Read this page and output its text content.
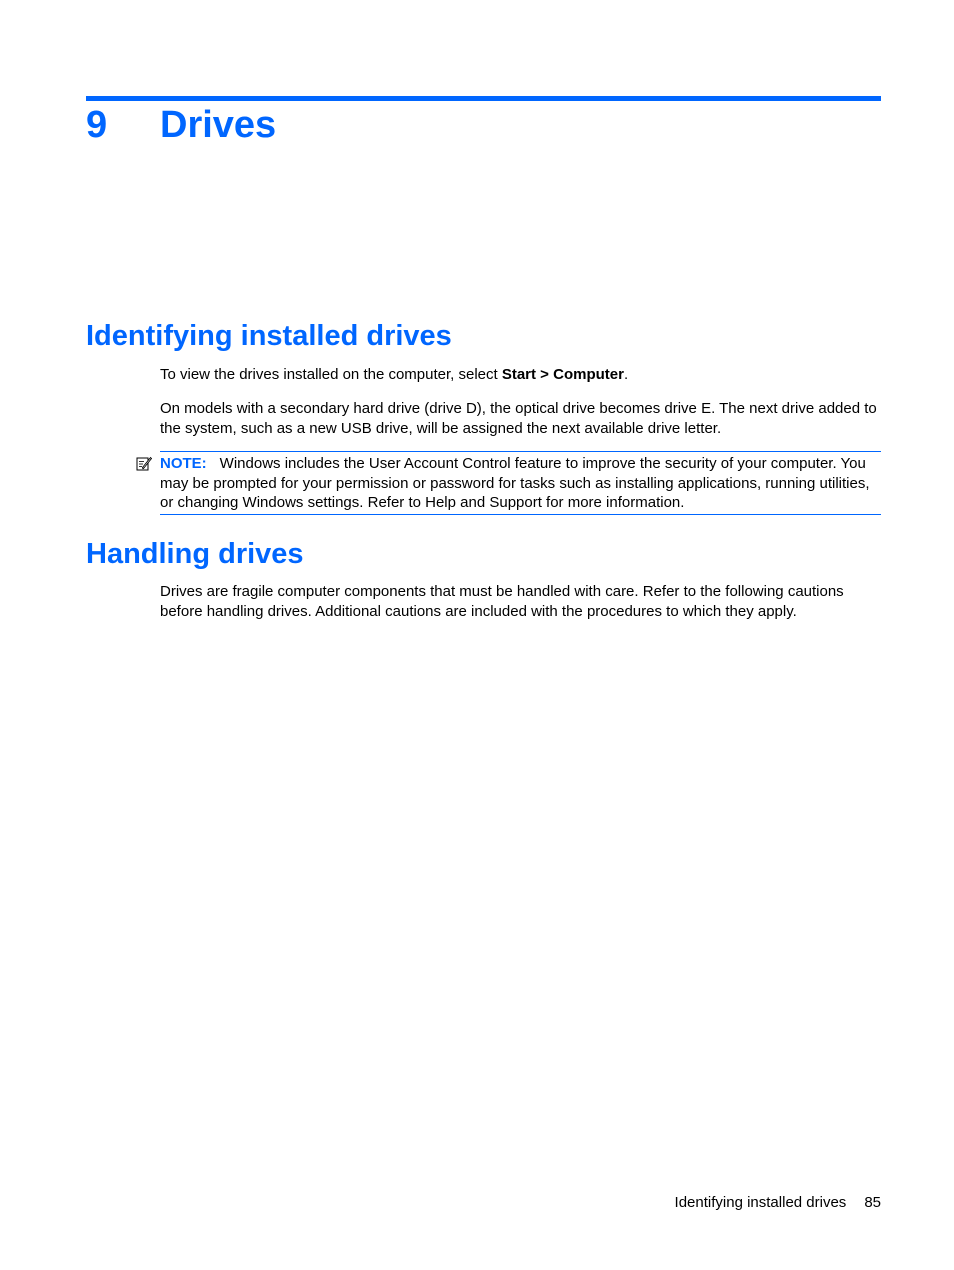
9 Drives
Identifying installed drives

To view the drives installed on the computer, select Start > Computer.

On models with a secondary hard drive (drive D), the optical drive becomes drive E. The next drive added to the system, such as a new USB drive, will be assigned the next available drive letter.

NOTE: Windows includes the User Account Control feature to improve the security of your computer. You may be prompted for your permission or password for tasks such as installing applications, running utilities, or changing Windows settings. Refer to Help and Support for more information.
Handling drives

Drives are fragile computer components that must be handled with care. Refer to the following cautions before handling drives. Additional cautions are included with the procedures to which they apply.

Identifying installed drives 85
